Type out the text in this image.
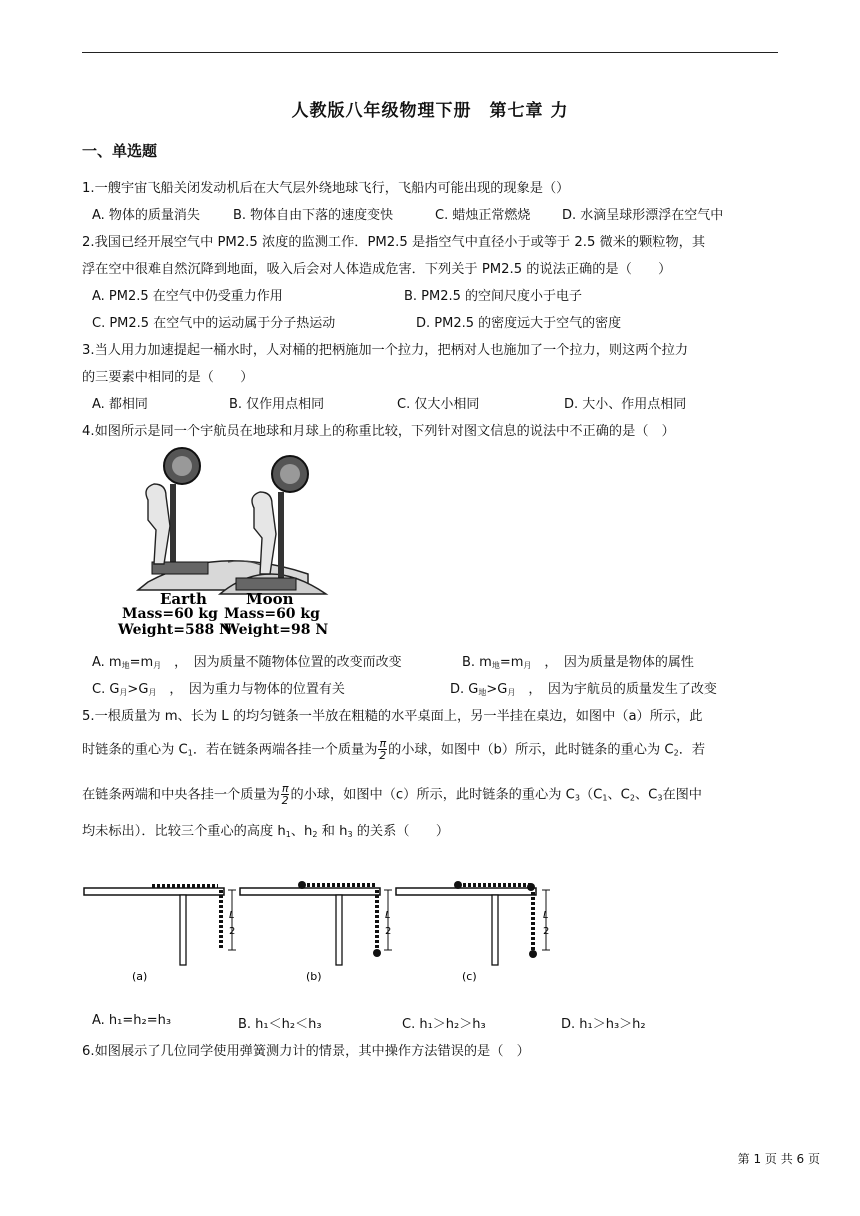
人教版八年级物理下册　第七章 力
一、单选题
1.一艘宇宙飞船关闭发动机后在大气层外绕地球飞行，飞船内可能出现的现象是（）
A. 物体的质量消失	B. 物体自由下落的速度变快	C. 蜡烛正常燃烧 D. 水滴呈球形漂浮在空气中
2.我国已经开展空气中 PM2.5 浓度的监测工作．PM2.5 是指空气中直径小于或等于 2.5 微米的颗粒物，其
浮在空中很难自然沉降到地面，吸入后会对人体造成危害．下列关于 PM2.5 的说法正确的是（　　）
A. PM2.5 在空气中仍受重力作用	B. PM2.5 的空间尺度小于电子
C. PM2.5 在空气中的运动属于分子热运动	D. PM2.5 的密度远大于空气的密度
3.当人用力加速提起一桶水时，人对桶的把柄施加一个拉力，把柄对人也施加了一个拉力，则这两个拉力
的三要素中相同的是（　　）
A. 都相同	B. 仅作用点相同	C. 仅大小相同	D. 大小、作用点相同
4.如图所示是同一个宇航员在地球和月球上的称重比较，下列针对图文信息的说法中不正确的是（　）
Earth
Mass=60 kg
Weight=588 N
Moon
Mass=60 kg
Weight=98 N
A. $m_地=m_月$　，　因为质量不随物体位置的改变而改变	B. $m_地=m_月$　，　因为质量是物体的属性
C. $G_月>G_月$　，　因为重力与物体的位置有关	D. $G_地>G_月$　，　因为宇航员的质量发生了改变
5.一根质量为 m、长为 L 的均匀链条一半放在粗糙的水平桌面上，另一半挂在桌边，如图中（a）所示，此
时链条的重心为 $C_1$．若在链条两端各挂一个质量为 $\frac{\pi}{2}$ 的小球，如图中（b）所示，此时链条的重心为 $C_2$．若
在链条两端和中央各挂一个质量为 $\frac{\pi}{2}$ 的小球，如图中（c）所示，此时链条的重心为 $C_3(C_1$、$C_2$、$C_3$在图中
均未标出）．比较三个重心的高度 $h_1$、$h_2$ 和 $h_3$ 的关系（　　）
L
2
(a)
L
2
(b)
L
2
(c)
A. h₁=h₂=h₃	B. h₁＜h₂＜h₃	C. h₁＞h₂＞h₃	D. h₁＞h₃＞h₂
6.如图展示了几位同学使用弹簧测力计的情景，其中操作方法错误的是（　）
第 1 页 共 6 页
